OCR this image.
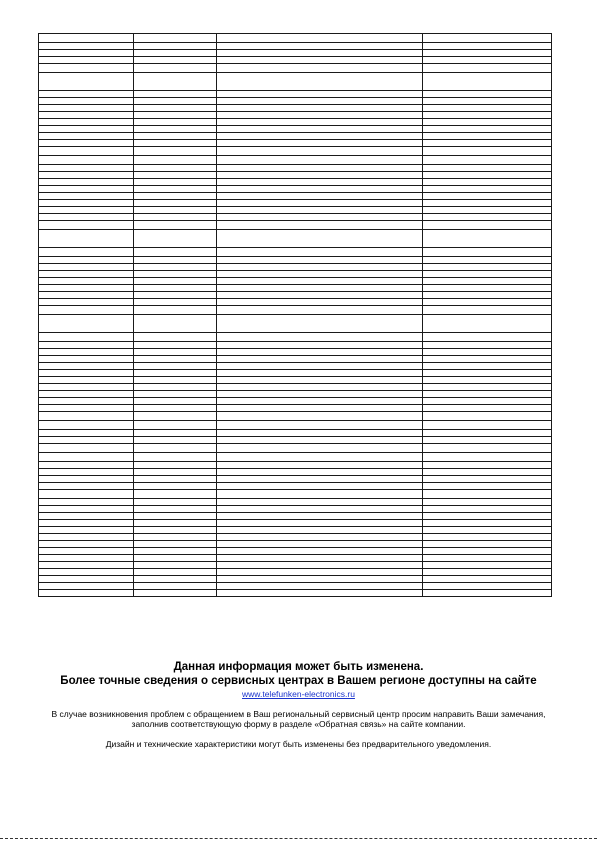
Данная информация может быть изменена.
Более точные сведения о сервисных центрах в Вашем регионе доступны на сайте
www.telefunken-electronics.ru
В случае возникновения проблем с обращением в Ваш региональный сервисный центр просим направить Ваши замечания,
заполнив соответствующую форму в разделе «Обратная связь» на сайте компании.
Дизайн и технические характеристики могут быть изменены без предварительного уведомления.
